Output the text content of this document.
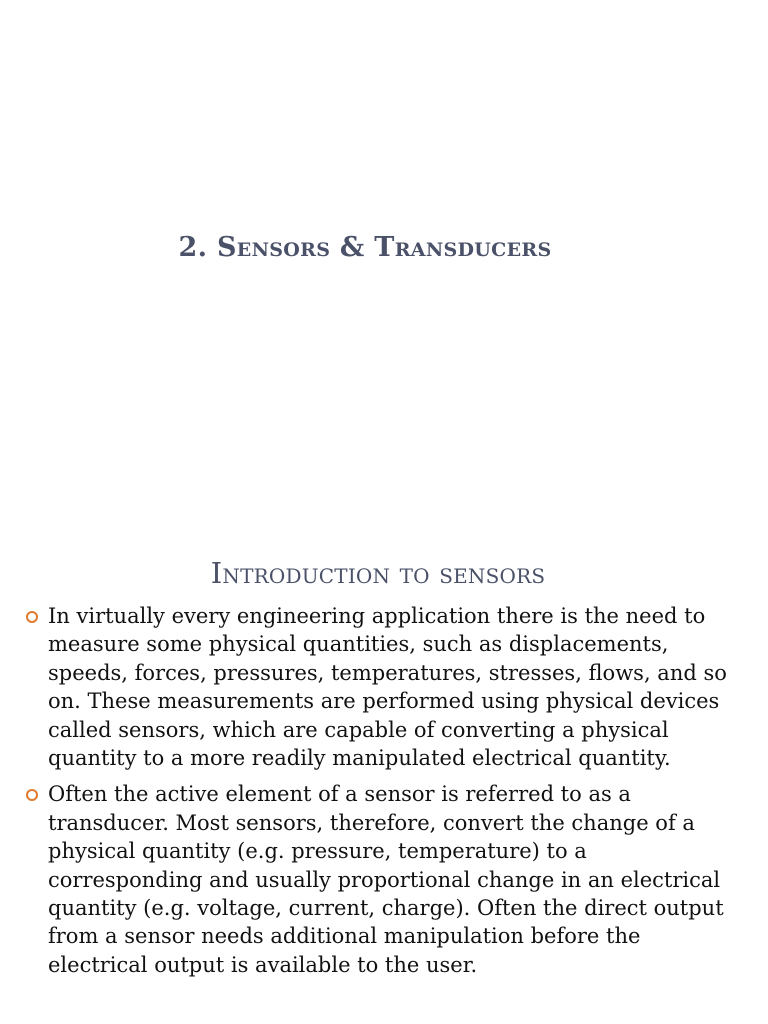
2. Sensors & Transducers
Introduction to sensors
In virtually every engineering application there is the need to measure some physical quantities, such as displacements, speeds, forces, pressures, temperatures, stresses, flows, and so on. These measurements are performed using physical devices called sensors, which are capable of converting a physical quantity to a more readily manipulated electrical quantity.
Often the active element of a sensor is referred to as a transducer. Most sensors, therefore, convert the change of a physical quantity (e.g. pressure, temperature) to a corresponding and usually proportional change in an electrical quantity (e.g. voltage, current, charge). Often the direct output from a sensor needs additional manipulation before the electrical output is available to the user.
